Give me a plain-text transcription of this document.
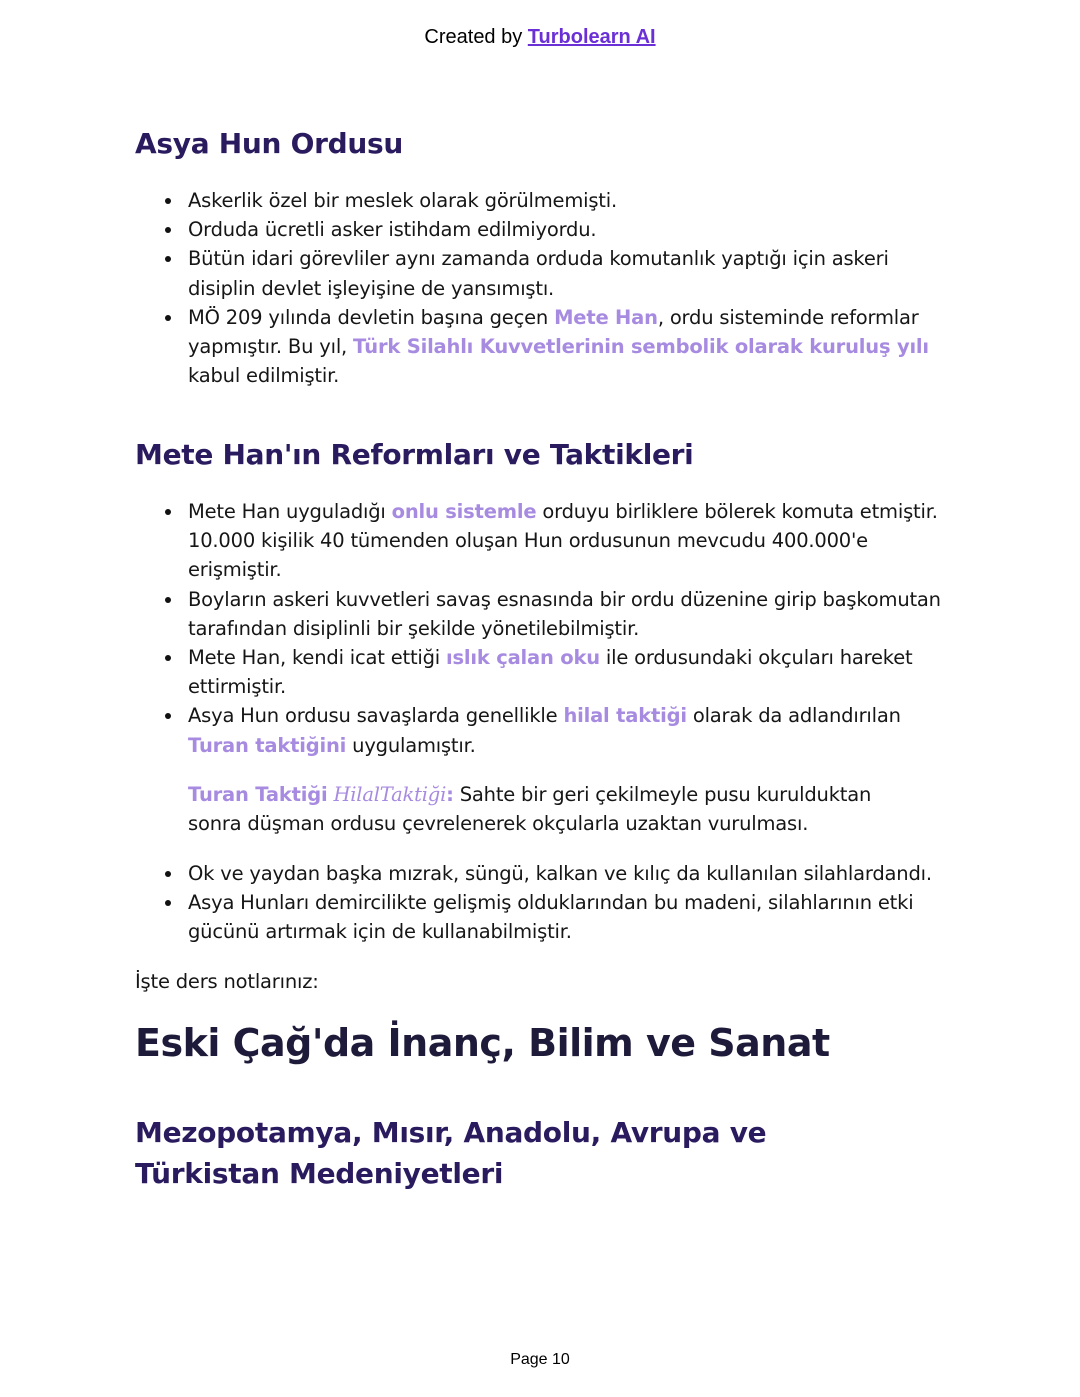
Created by Turbolearn AI
Asya Hun Ordusu
Askerlik özel bir meslek olarak görülmemişti.
Orduda ücretli asker istihdam edilmiyordu.
Bütün idari görevliler aynı zamanda orduda komutanlık yaptığı için askeri disiplin devlet işleyişine de yansımıştı.
MÖ 209 yılında devletin başına geçen Mete Han, ordu sisteminde reformlar yapmıştır. Bu yıl, Türk Silahlı Kuvvetlerinin sembolik olarak kuruluş yılı kabul edilmiştir.
Mete Han'ın Reformları ve Taktikleri
Mete Han uyguladığı onlu sistemle orduyu birliklere bölerek komuta etmiştir. 10.000 kişilik 40 tümenden oluşan Hun ordusunun mevcudu 400.000'e erişmiştir.
Boyların askeri kuvvetleri savaş esnasında bir ordu düzenine girip başkomutan tarafından disiplinli bir şekilde yönetilebilmiştir.
Mete Han, kendi icat ettiği ıslık çalan oku ile ordusundaki okçuları hareket ettirmiştir.
Asya Hun ordusu savaşlarda genellikle hilal taktiği olarak da adlandırılan Turan taktiğini uygulamıştır.

Turan Taktiği HilalTaktiği: Sahte bir geri çekilmeyle pusu kurulduktan sonra düşman ordusu çevrelenerek okçularla uzaktan vurulması.

Ok ve yaydan başka mızrak, süngü, kalkan ve kılıç da kullanılan silahlardandı.
Asya Hunları demircilikte gelişmiş olduklarından bu madeni, silahlarının etki gücünü artırmak için de kullanabilmiştir.

İşte ders notlarınız:

Eski Çağ'da İnanç, Bilim ve Sanat
Mezopotamya, Mısır, Anadolu, Avrupa ve Türkistan Medeniyetleri
Page 10
